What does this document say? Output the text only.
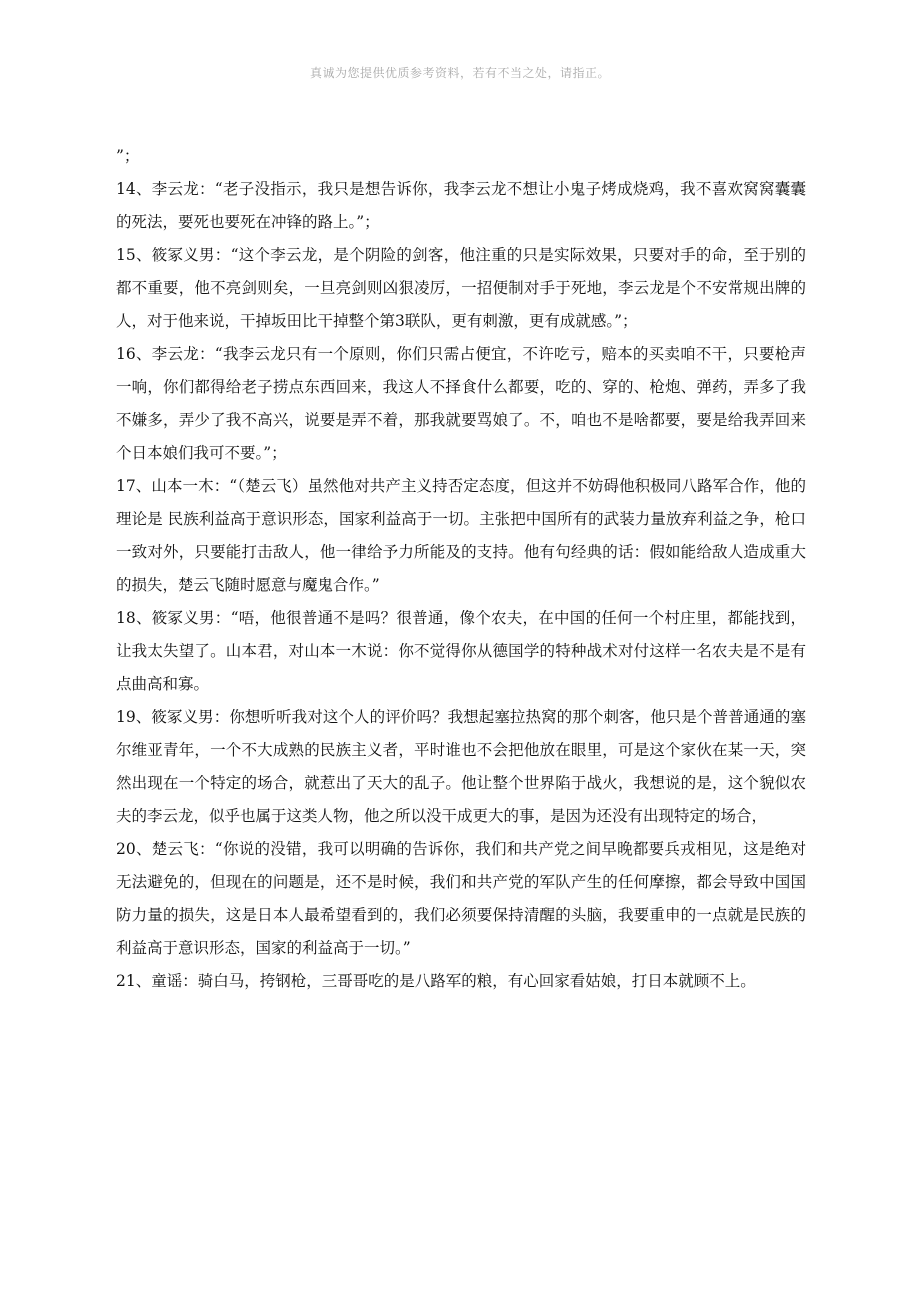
真诚为您提供优质参考资料，若有不当之处，请指正。

”；

14、李云龙：“老子没指示，我只是想告诉你，我李云龙不想让小鬼子烤成烧鸡，我不喜欢窝窝囊囊的死法，要死也要死在冲锋的路上。”；

15、筱冢义男：“这个李云龙，是个阴险的剑客，他注重的只是实际效果，只要对手的命，至于别的都不重要，他不亮剑则矣，一旦亮剑则凶狠凌厉，一招便制对手于死地，李云龙是个不安常规出牌的人，对于他来说，干掉坂田比干掉整个第3联队，更有刺激，更有成就感。”；

16、李云龙：“我李云龙只有一个原则，你们只需占便宜，不许吃亏，赔本的买卖咱不干，只要枪声一响，你们都得给老子捞点东西回来，我这人不择食什么都要，吃的、穿的、枪炮、弹药，弄多了我不嫌多，弄少了我不高兴，说要是弄不着，那我就要骂娘了。不，咱也不是啥都要，要是给我弄回来个日本娘们我可不要。”；

17、山本一木：“（楚云飞）虽然他对共产主义持否定态度，但这并不妨碍他积极同八路军合作，他的理论是 民族利益高于意识形态，国家利益高于一切。主张把中国所有的武装力量放弃利益之争，枪口一致对外，只要能打击敌人，他一律给予力所能及的支持。他有句经典的话：假如能给敌人造成重大的损失，楚云飞随时愿意与魔鬼合作。”

18、筱冢义男：“唔，他很普通不是吗？很普通，像个农夫，在中国的任何一个村庄里，都能找到，让我太失望了。山本君，对山本一木说：你不觉得你从德国学的特种战术对付这样一名农夫是不是有点曲高和寡。

19、筱冢义男：你想听听我对这个人的评价吗？我想起塞拉热窝的那个刺客，他只是个普普通通的塞尔维亚青年，一个不大成熟的民族主义者，平时谁也不会把他放在眼里，可是这个家伙在某一天，突然出现在一个特定的场合，就惹出了天大的乱子。他让整个世界陷于战火，我想说的是，这个貌似农夫的李云龙，似乎也属于这类人物，他之所以没干成更大的事，是因为还没有出现特定的场合，

20、楚云飞：“你说的没错，我可以明确的告诉你，我们和共产党之间早晚都要兵戎相见，这是绝对无法避免的，但现在的问题是，还不是时候，我们和共产党的军队产生的任何摩擦，都会导致中国国防力量的损失，这是日本人最希望看到的，我们必须要保持清醒的头脑，我要重申的一点就是民族的利益高于意识形态，国家的利益高于一切。”

21、童谣：骑白马，挎钢枪，三哥哥吃的是八路军的粮，有心回家看姑娘，打日本就顾不上。
